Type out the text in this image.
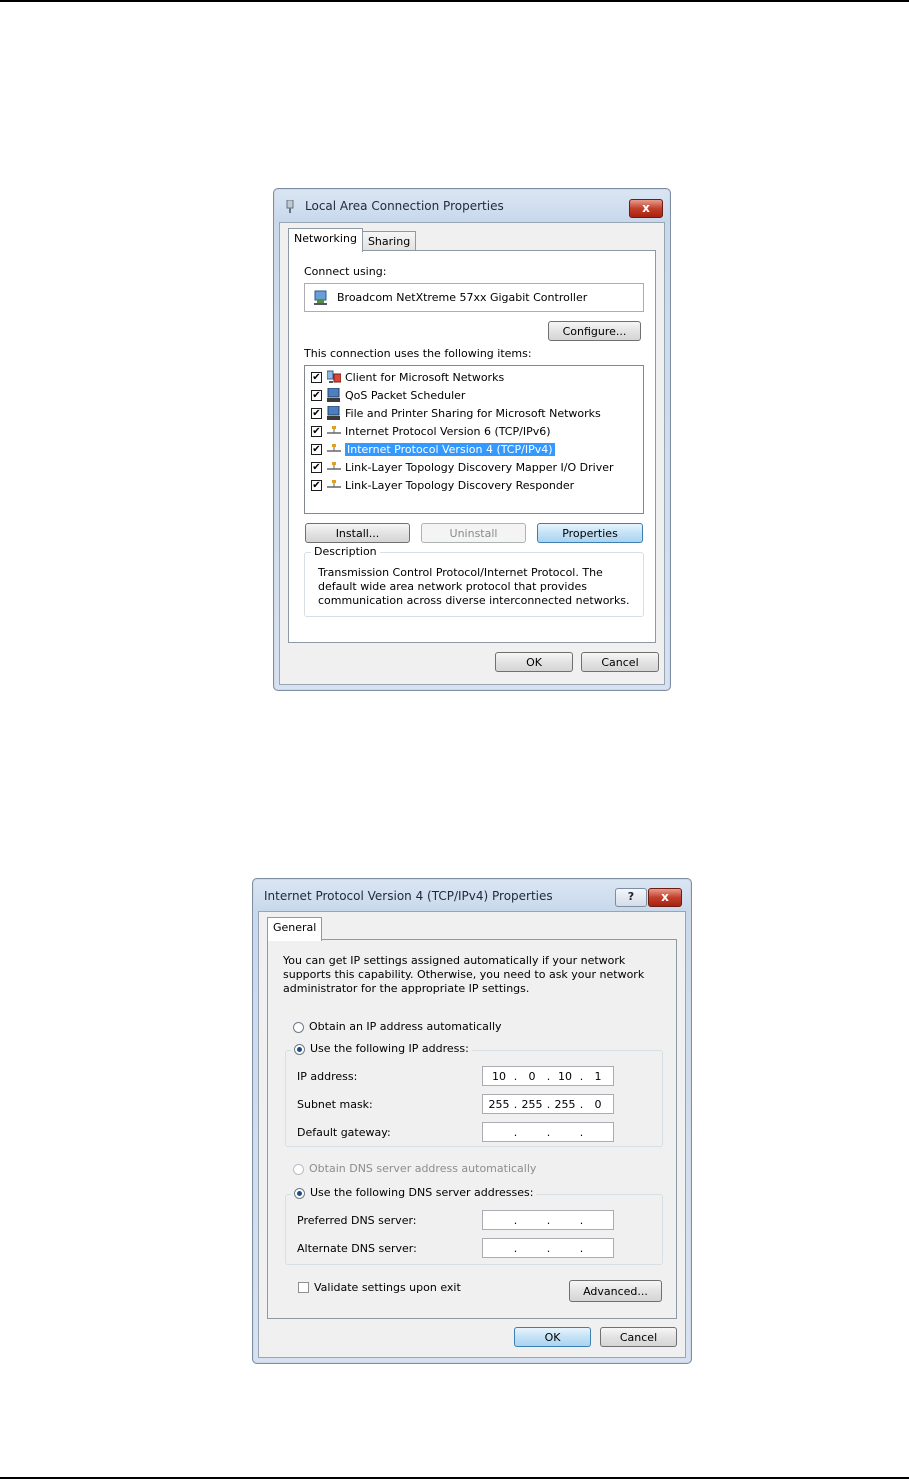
Local Area Connection Properties	x
Networking	Sharing
Connect using:
Broadcom NetXtreme 57xx Gigabit Controller
Configure...
This connection uses the following items:
✔ Client for Microsoft Networks
✔ QoS Packet Scheduler
✔ File and Printer Sharing for Microsoft Networks
✔ Internet Protocol Version 6 (TCP/IPv6)
✔ Internet Protocol Version 4 (TCP/IPv4)
✔ Link-Layer Topology Discovery Mapper I/O Driver
✔ Link-Layer Topology Discovery Responder
Install...	Uninstall	Properties
Description
Transmission Control Protocol/Internet Protocol. The default wide area network protocol that provides communication across diverse interconnected networks.
OK	Cancel
Internet Protocol Version 4 (TCP/IPv4) Properties	?	x
General
You can get IP settings assigned automatically if your network supports this capability. Otherwise, you need to ask your network administrator for the appropriate IP settings.
Obtain an IP address automatically
Use the following IP address:
IP address:	10 .	0	. 10 .	1
Subnet mask:	255 . 255 . 255 .	0
Default gateway:	.	.	.
Obtain DNS server address automatically
Use the following DNS server addresses:
Preferred DNS server:	.	.	.
Alternate DNS server:	.	.	.
Validate settings upon exit	Advanced...
OK	Cancel
